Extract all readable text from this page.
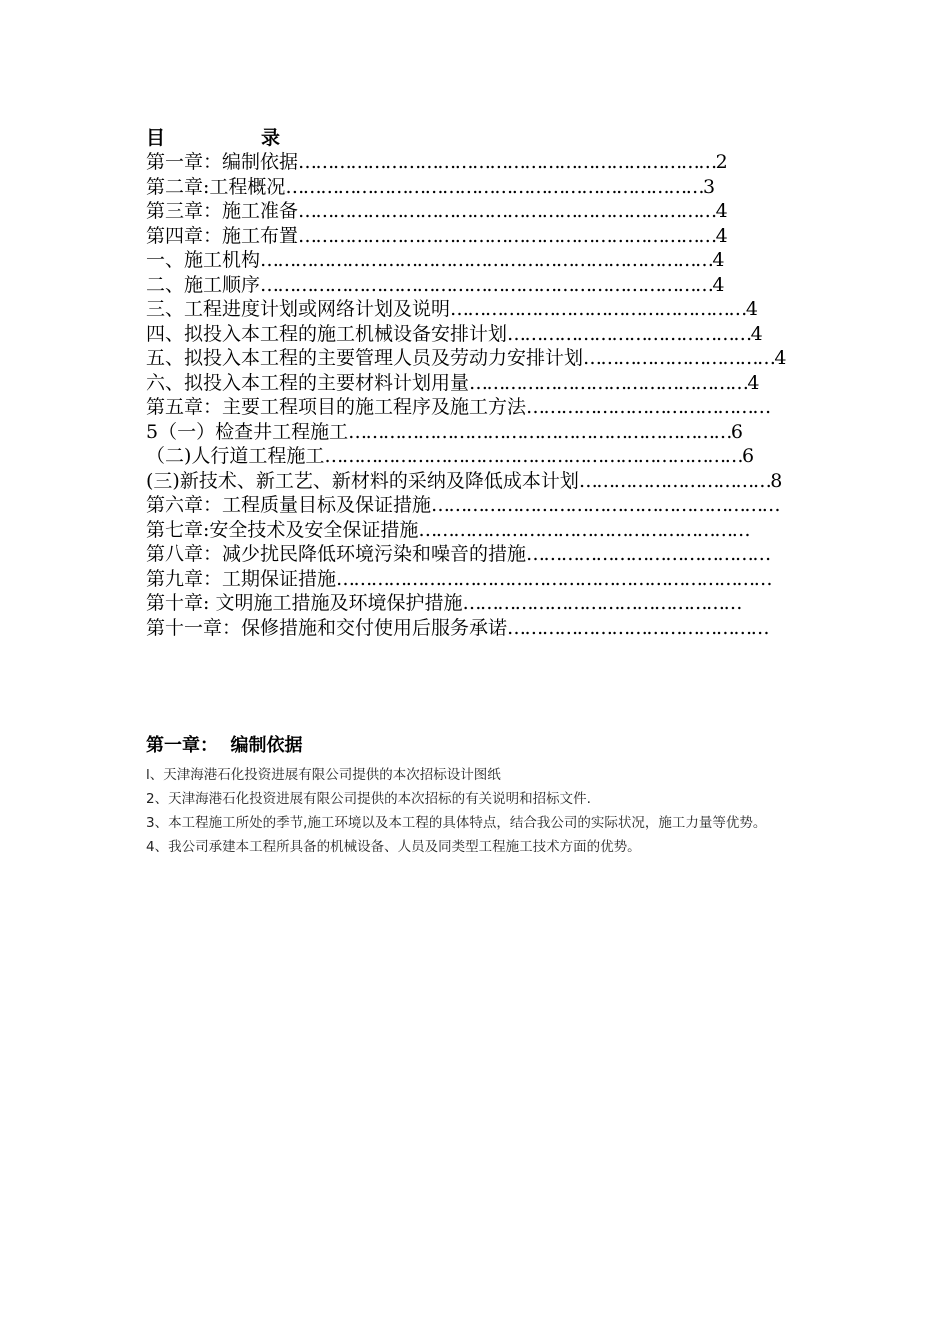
目	录
第一章：编制依据………………………………………………………………2
第二章:工程概况………………………………………………………………3
第三章：施工准备………………………………………………………………4
第四章：施工布置………………………………………………………………4
一、施工机构……………………………………………………………………4
二、施工顺序……………………………………………………………………4
三、工程进度计划或网络计划及说明……………………………………………4
四、拟投入本工程的施工机械设备安排计划……………………………………4
五、拟投入本工程的主要管理人员及劳动力安排计划……………………………4
六、拟投入本工程的主要材料计划用量…………………………………………4
第五章：主要工程项目的施工程序及施工方法……………………………………
5（一）检查井工程施工…………………………………………………………6
（二)人行道工程施工………………………………………………………………6
(三)新技术、新工艺、新材料的采纳及降低成本计划……………………………8
第六章：工程质量目标及保证措施……………………………………………………
第七章:安全技术及安全保证措施…………………………………………………
第八章：减少扰民降低环境污染和噪音的措施……………………………………
第九章：工期保证措施…………………………………………………………………
第十章: 文明施工措施及环境保护措施…………………………………………
第十一章：保修措施和交付使用后服务承诺………………………………………
第一章：  编制依据

l、天津海港石化投资进展有限公司提供的本次招标设计图纸

2、天津海港石化投资进展有限公司提供的本次招标的有关说明和招标文件.

3、本工程施工所处的季节,施工环境以及本工程的具体特点，结合我公司的实际状况，施工力量等优势。

4、我公司承建本工程所具备的机械设备、人员及同类型工程施工技术方面的优势。
